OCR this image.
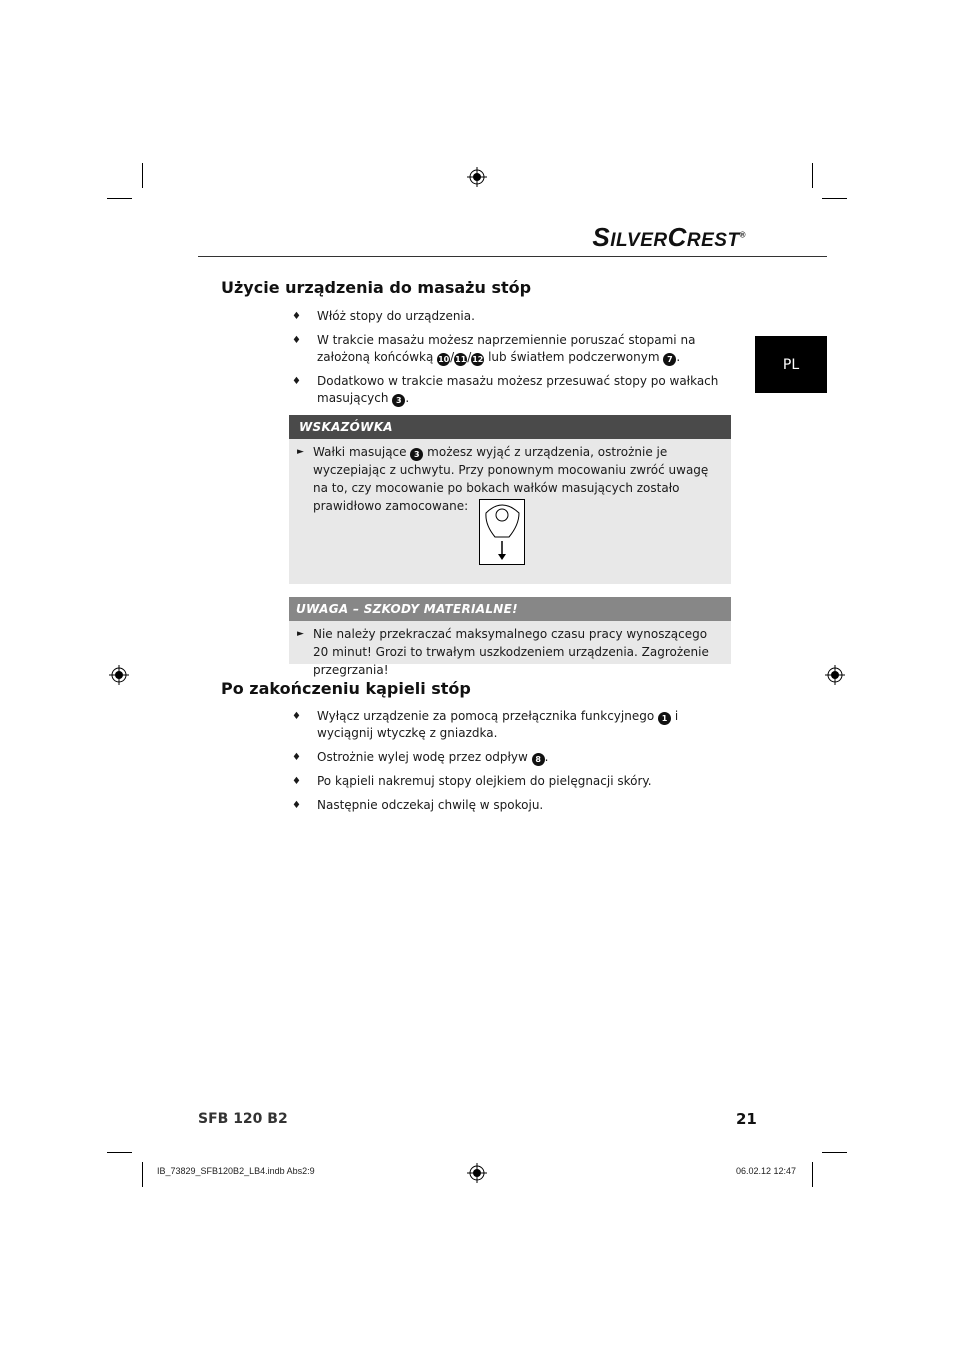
SILVERCREST®
PL
Użycie urządzenia do masażu stóp
♦ Włóż stopy do urządzenia.
♦ W trakcie masażu możesz naprzemiennie poruszać stopami na założoną końcówką 10/11/12 lub światłem podczerwonym 7 .
♦ Dodatkowo w trakcie masażu możesz przesuwać stopy po wałkach masujących 3 .
WSKAZÓWKA
► Wałki masujące 3 możesz wyjąć z urządzenia, ostrożnie je wyczepiając z uchwytu. Przy ponownym mocowaniu zwróć uwagę na to, czy mocowanie po bokach wałków masujących zostało prawidłowo zamocowane:
UWAGA – SZKODY MATERIALNE!
► Nie należy przekraczać maksymalnego czasu pracy wynoszącego 20 minut! Grozi to trwałym uszkodzeniem urządzenia. Zagrożenie przegrzania!
Po zakończeniu kąpieli stóp
♦ Wyłącz urządzenie za pomocą przełącznika funkcyjnego 1 i wyciągnij wtyczkę z gniazdka.
♦ Ostrożnie wylej wodę przez odpływ 8 .
♦ Po kąpieli nakremuj stopy olejkiem do pielęgnacji skóry.
♦ Następnie odczekaj chwilę w spokoju.
SFB 120 B2	21
IB_73829_SFB120B2_LB4.indb Abs2:9	06.02.12 12:47
